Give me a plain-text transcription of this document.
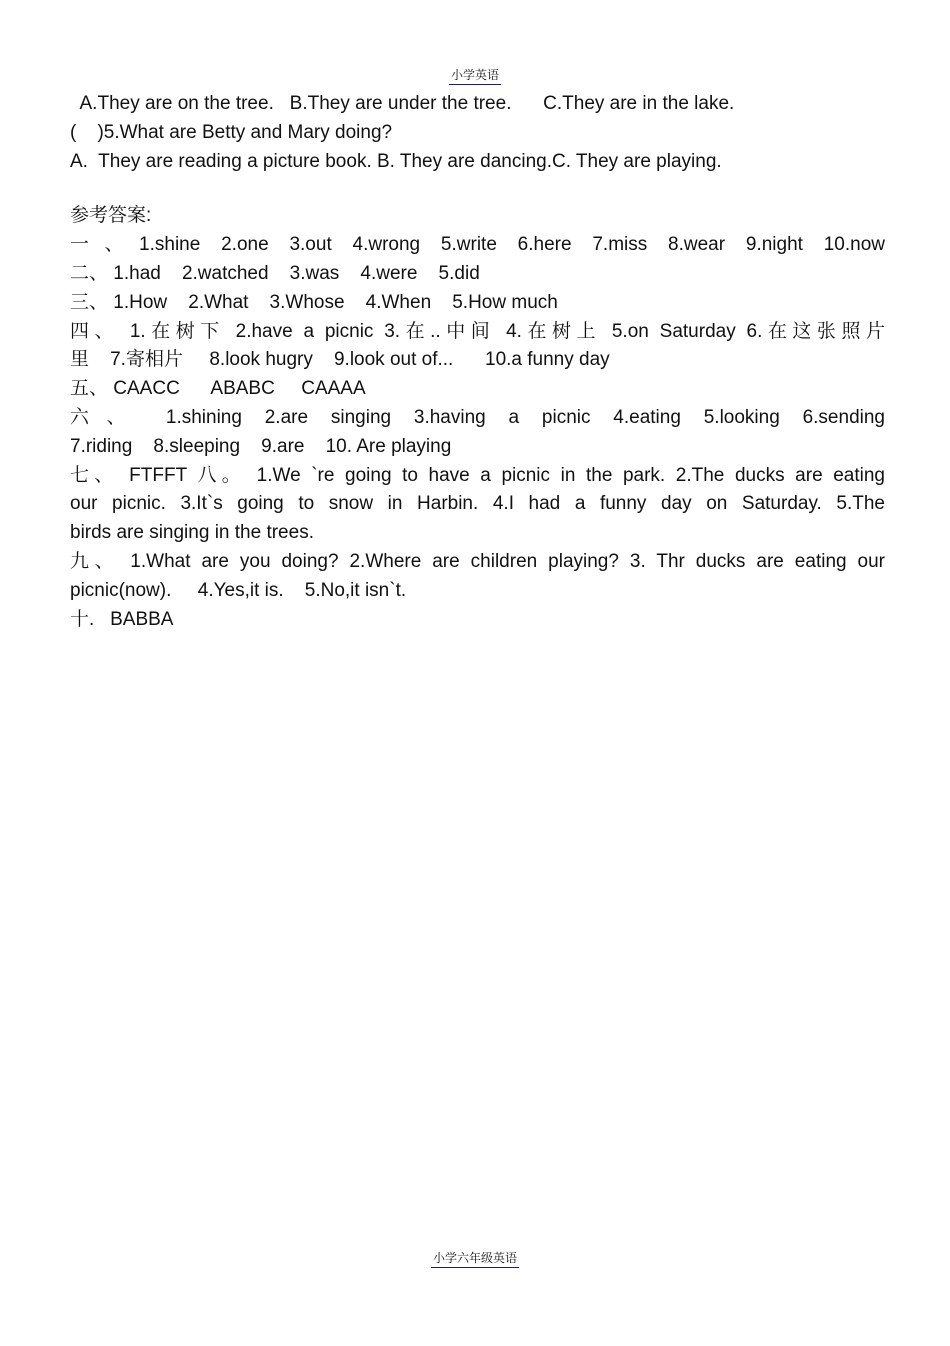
小学英语
A.They are on the tree.   B.They are under the tree.      C.They are in the lake.
(    )5.What are Betty and Mary doing?
A.  They are reading a picture book. B. They are dancing.C. They are playing.
参考答案:
一、1.shine 2.one 3.out 4.wrong 5.write 6.here 7.miss 8.wear 9.night 10.now
二、 1.had    2.watched    3.was    4.were    5.did
三、 1.How    2.What    3.Whose    4.When    5.How much
四、 1.在树下 2.have a picnic 3.在..中间 4.在树上 5.on Saturday 6.在这张照片
里    7.寄相片     8.look hugry    9.look out of...      10.a funny day
五、 CAACC      ABABC     CAAAA
六、 1.shining 2.are singing 3.having a picnic 4.eating 5.looking 6.sending
7.riding    8.sleeping    9.are    10. Are playing
七、 FTFFT 八。 1.We `re going to have a picnic in the park. 2.The ducks are eating
our picnic. 3.It`s going to snow in Harbin. 4.I had a funny day on Saturday. 5.The
birds are singing in the trees.
九、 1.What are you doing? 2.Where are children playing? 3. Thr ducks are eating our
picnic(now).     4.Yes,it is.    5.No,it isn`t.
十.   BABBA
小学六年级英语
